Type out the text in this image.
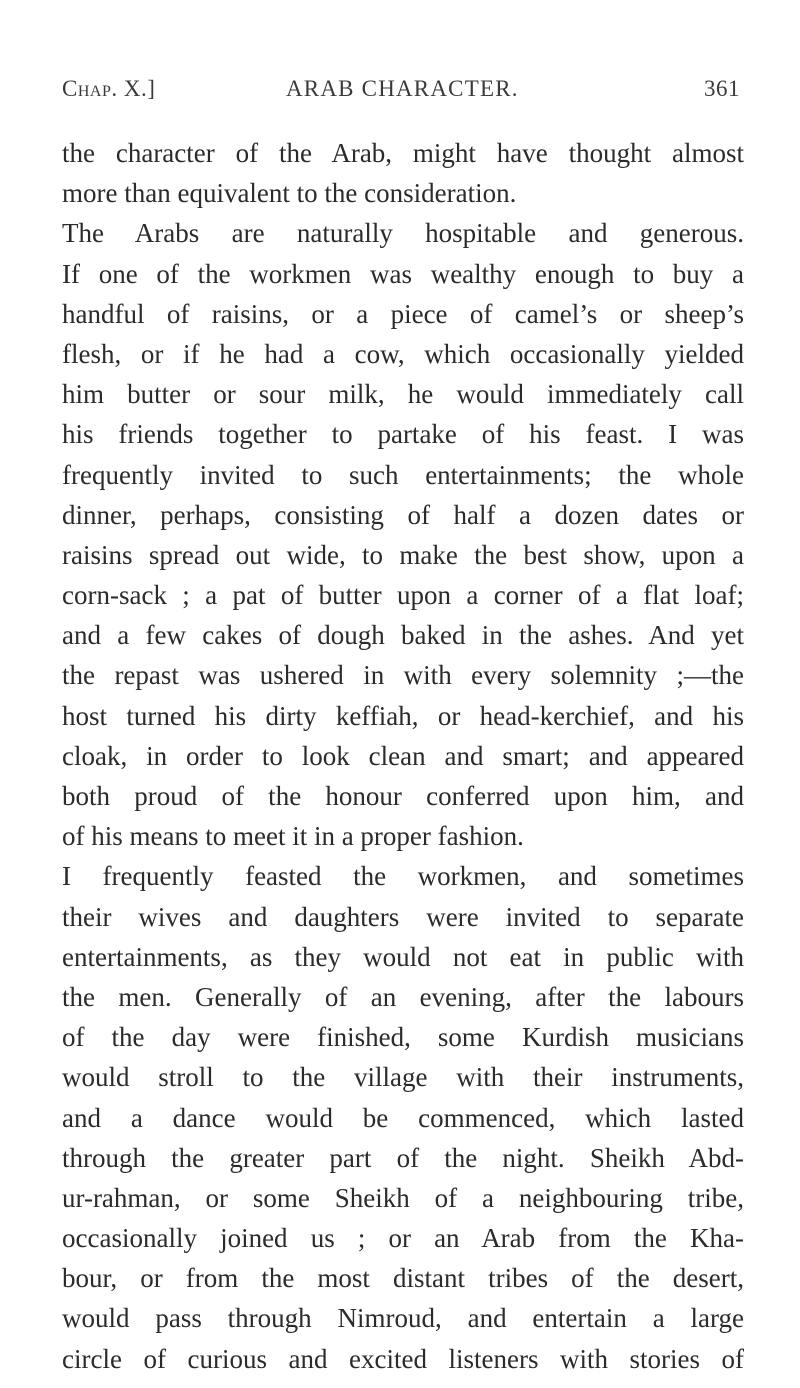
Chap. X.]	ARAB CHARACTER.	361
the character of the Arab, might have thought almost
more than equivalent to the consideration.
The Arabs are naturally hospitable and generous.
If one of the workmen was wealthy enough to buy a
handful of raisins, or a piece of camel’s or sheep’s
flesh, or if he had a cow, which occasionally yielded
him butter or sour milk, he would immediately call
his friends together to partake of his feast. I was
frequently invited to such entertainments; the whole
dinner, perhaps, consisting of half a dozen dates or
raisins spread out wide, to make the best show, upon a
corn-sack ; a pat of butter upon a corner of a flat loaf;
and a few cakes of dough baked in the ashes. And yet
the repast was ushered in with every solemnity ;—the
host turned his dirty keffiah, or head-kerchief, and his
cloak, in order to look clean and smart; and appeared
both proud of the honour conferred upon him, and
of his means to meet it in a proper fashion.
I frequently feasted the workmen, and sometimes
their wives and daughters were invited to separate
entertainments, as they would not eat in public with
the men. Generally of an evening, after the labours
of the day were finished, some Kurdish musicians
would stroll to the village with their instruments,
and a dance would be commenced, which lasted
through the greater part of the night. Sheikh Abd-
ur-rahman, or some Sheikh of a neighbouring tribe,
occasionally joined us ; or an Arab from the Kha-
bour, or from the most distant tribes of the desert,
would pass through Nimroud, and entertain a large
circle of curious and excited listeners with stories of
